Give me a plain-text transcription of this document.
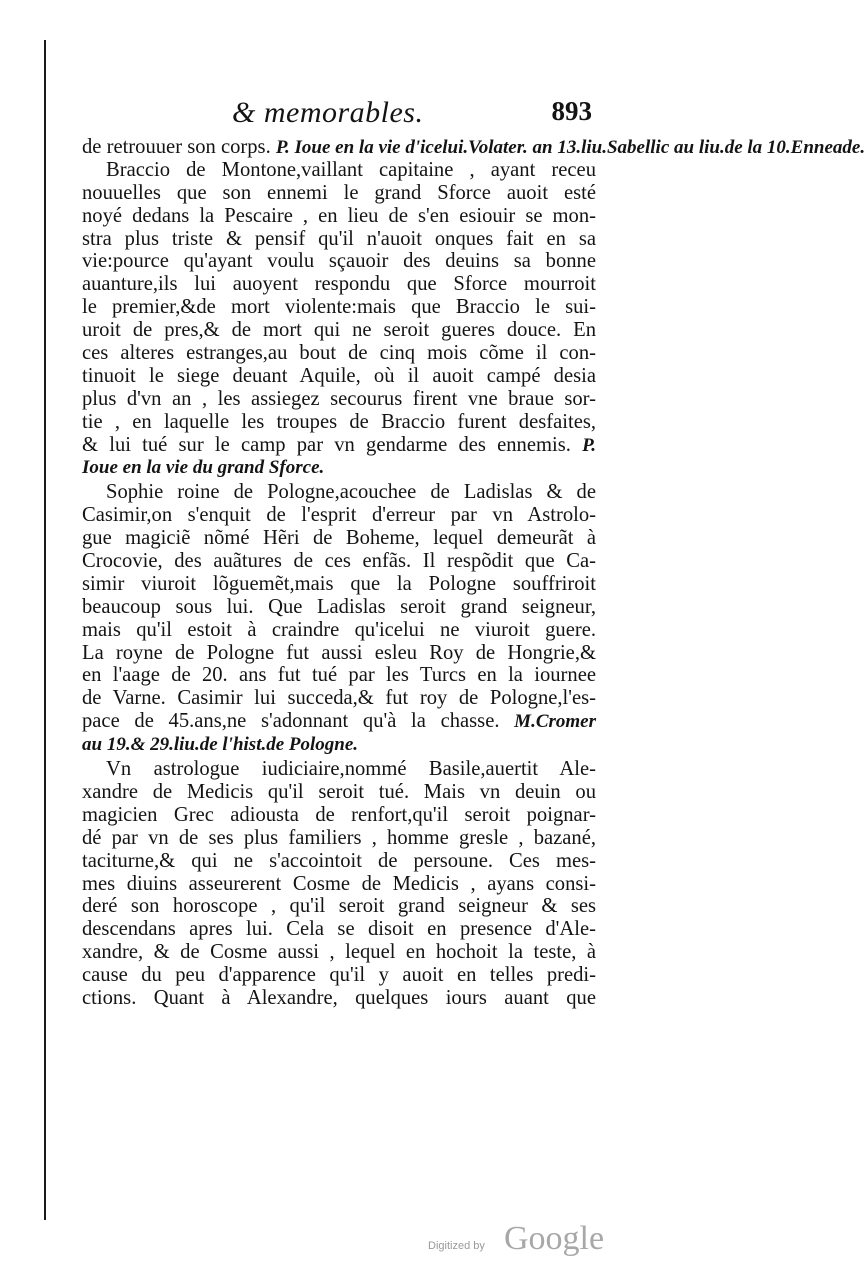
& memorables.	893
de retrouuer son corps. P. Ioue en la vie d'icelui.Volater. an 13.liu.Sabellic au liu.de la 10.Enneade.
Braccio de Montone,vaillant capitaine , ayant receu
nouuelles que son ennemi le grand Sforce auoit esté
noyé dedans la Pescaire , en lieu de s'en esiouir se mon-
stra plus triste & pensif qu'il n'auoit onques fait en sa
vie:pource qu'ayant voulu sçauoir des deuins sa bonne
auanture,ils lui auoyent respondu que Sforce mourroit
le premier,&de mort violente:mais que Braccio le sui-
uroit de pres,& de mort qui ne seroit gueres douce. En
ces alteres estranges,au bout de cinq mois cõme il con-
tinuoit le siege deuant Aquile, où il auoit campé desia
plus d'vn an , les assiegez secourus firent vne braue sor-
tie , en laquelle les troupes de Braccio furent desfaites,
& lui tué sur le camp par vn gendarme des ennemis. P.
Ioue en la vie du grand Sforce.
Sophie roine de Pologne,acouchee de Ladislas & de
Casimir,on s'enquit de l'esprit d'erreur par vn Astrolo-
gue magiciẽ nõmé Hẽri de Boheme, lequel demeurãt à
Crocovie, des auãtures de ces enfãs. Il respõdit que Ca-
simir viuroit lõguemẽt,mais que la Pologne souffriroit
beaucoup sous lui. Que Ladislas seroit grand seigneur,
mais qu'il estoit à craindre qu'icelui ne viuroit guere.
La royne de Pologne fut aussi esleu Roy de Hongrie,&
en l'aage de 20. ans fut tué par les Turcs en la iournee
de Varne. Casimir lui succeda,& fut roy de Pologne,l'es-
pace de 45.ans,ne s'adonnant qu'à la chasse. M.Cromer
au 19.& 29.liu.de l'hist.de Pologne.
Vn astrologue iudiciaire,nommé Basile,auertit Ale-
xandre de Medicis qu'il seroit tué. Mais vn deuin ou
magicien Grec adiousta de renfort,qu'il seroit poignar-
dé par vn de ses plus familiers , homme gresle , bazané,
taciturne,& qui ne s'accointoit de persoune. Ces mes-
mes diuins asseurerent Cosme de Medicis , ayans consi-
deré son horoscope , qu'il seroit grand seigneur & ses
descendans apres lui. Cela se disoit en presence d'Ale-
xandre, & de Cosme aussi , lequel en hochoit la teste, à
cause du peu d'apparence qu'il y auoit en telles predi-
ctions. Quant à Alexandre, quelques iours auant que
Digitized by Google
